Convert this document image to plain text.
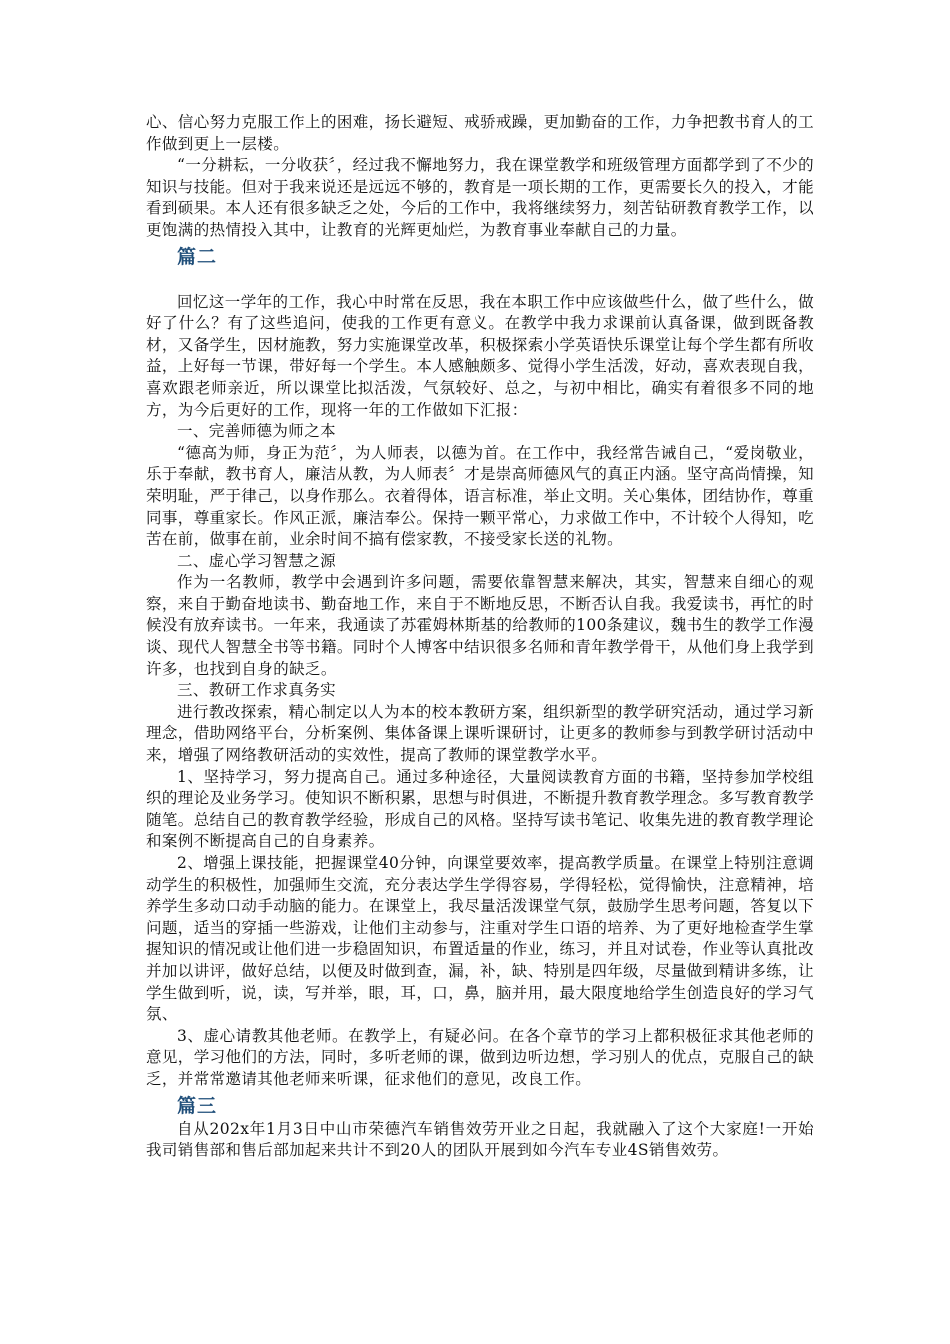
心、信心努力克服工作上的困难，扬长避短、戒骄戒躁，更加勤奋的工作，力争把教书育人的工作做到更上一层楼。

“一分耕耘，一分收获〞，经过我不懈地努力，我在课堂教学和班级管理方面都学到了不少的知识与技能。但对于我来说还是远远不够的，教育是一项长期的工作，更需要长久的投入，才能看到硕果。本人还有很多缺乏之处，今后的工作中，我将继续努力，刻苦钻研教育教学工作，以更饱满的热情投入其中，让教育的光辉更灿烂，为教育事业奉献自己的力量。

篇二

回忆这一学年的工作，我心中时常在反思，我在本职工作中应该做些什么，做了些什么，做好了什么？有了这些追问，使我的工作更有意义。在教学中我力求课前认真备课，做到既备教材，又备学生，因材施教，努力实施课堂改革，积极探索小学英语快乐课堂让每个学生都有所收益，上好每一节课，带好每一个学生。本人感触颇多、觉得小学生活泼，好动，喜欢表现自我，喜欢跟老师亲近，所以课堂比拟活泼，气氛较好、总之，与初中相比，确实有着很多不同的地方，为今后更好的工作，现将一年的工作做如下汇报：

一、完善师德为师之本

“德高为师，身正为范〞，为人师表，以德为首。在工作中，我经常告诫自己，“爱岗敬业，乐于奉献，教书育人，廉洁从教，为人师表〞才是崇高师德风气的真正内涵。坚守高尚情操，知荣明耻，严于律己，以身作那么。衣着得体，语言标准，举止文明。关心集体，团结协作，尊重同事，尊重家长。作风正派，廉洁奉公。保持一颗平常心，力求做工作中，不计较个人得知，吃苦在前，做事在前，业余时间不搞有偿家教，不接受家长送的礼物。

二、虚心学习智慧之源

作为一名教师，教学中会遇到许多问题，需要依靠智慧来解决，其实，智慧来自细心的观察，来自于勤奋地读书、勤奋地工作，来自于不断地反思，不断否认自我。我爱读书，再忙的时候没有放弃读书。一年来，我通读了苏霍姆林斯基的给教师的100条建议，魏书生的教学工作漫谈、现代人智慧全书等书籍。同时个人博客中结识很多名师和青年教学骨干，从他们身上我学到许多，也找到自身的缺乏。

三、教研工作求真务实

进行教改探索，精心制定以人为本的校本教研方案，组织新型的教学研究活动，通过学习新理念，借助网络平台，分析案例、集体备课上课听课研讨，让更多的教师参与到教学研讨活动中来，增强了网络教研活动的实效性，提高了教师的课堂教学水平。

1、坚持学习，努力提高自己。通过多种途径，大量阅读教育方面的书籍，坚持参加学校组织的理论及业务学习。使知识不断积累，思想与时俱进，不断提升教育教学理念。多写教育教学随笔。总结自己的教育教学经验，形成自己的风格。坚持写读书笔记、收集先进的教育教学理论和案例不断提高自己的自身素养。

2、增强上课技能，把握课堂40分钟，向课堂要效率，提高教学质量。在课堂上特别注意调动学生的积极性，加强师生交流，充分表达学生学得容易，学得轻松，觉得愉快，注意精神，培养学生多动口动手动脑的能力。在课堂上，我尽量活泼课堂气氛，鼓励学生思考问题，答复以下问题，适当的穿插一些游戏，让他们主动参与，注重对学生口语的培养、为了更好地检查学生掌握知识的情况或让他们进一步稳固知识，布置适量的作业，练习，并且对试卷，作业等认真批改并加以讲评，做好总结，以便及时做到查，漏，补，缺、特别是四年级，尽量做到精讲多练，让学生做到听，说，读，写并举，眼，耳，口，鼻，脑并用，最大限度地给学生创造良好的学习气氛、

3、虚心请教其他老师。在教学上，有疑必问。在各个章节的学习上都积极征求其他老师的意见，学习他们的方法，同时，多听老师的课，做到边听边想，学习别人的优点，克服自己的缺乏，并常常邀请其他老师来听课，征求他们的意见，改良工作。

篇三

自从202x年1月3日中山市荣德汽车销售效劳开业之日起，我就融入了这个大家庭!一开始我司销售部和售后部加起来共计不到20人的团队开展到如今汽车专业4S销售效劳。
